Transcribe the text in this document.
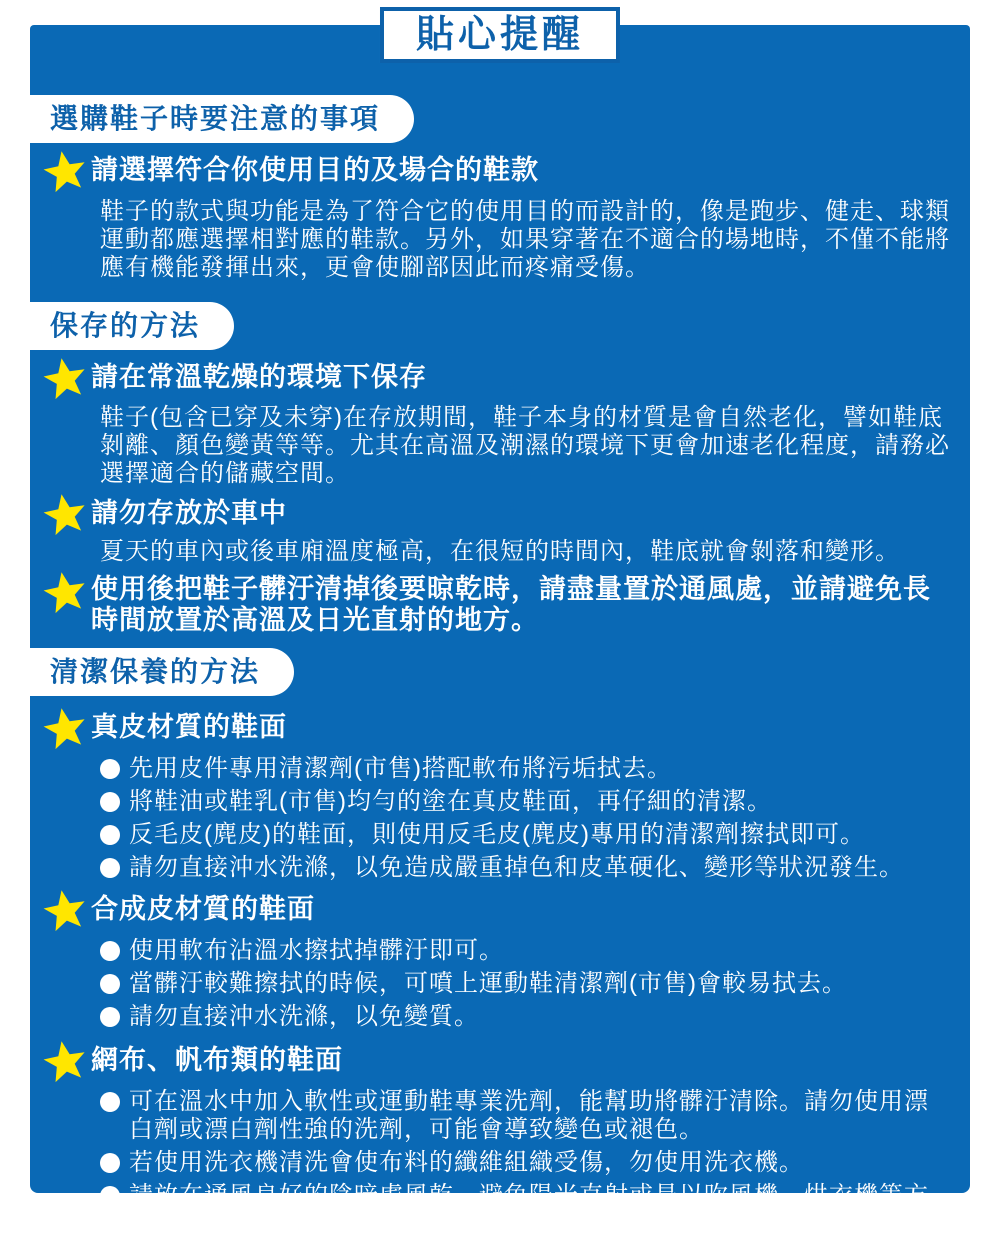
貼心提醒
選購鞋子時要注意的事項
請選擇符合你使用目的及場合的鞋款
鞋子的款式與功能是為了符合它的使用目的而設計的，像是跑步、健走、球類運動都應選擇相對應的鞋款。另外，如果穿著在不適合的場地時，不僅不能將應有機能發揮出來，更會使腳部因此而疼痛受傷。
保存的方法
請在常溫乾燥的環境下保存
鞋子(包含已穿及未穿)在存放期間，鞋子本身的材質是會自然老化，譬如鞋底剝離、顏色變黃等等。尤其在高溫及潮濕的環境下更會加速老化程度，請務必選擇適合的儲藏空間。
請勿存放於車中
夏天的車內或後車廂溫度極高，在很短的時間內，鞋底就會剝落和變形。
使用後把鞋子髒汙清掉後要晾乾時，請盡量置於通風處，並請避免長時間放置於高溫及日光直射的地方。
清潔保養的方法
真皮材質的鞋面
先用皮件專用清潔劑(市售)搭配軟布將污垢拭去。
將鞋油或鞋乳(市售)均勻的塗在真皮鞋面，再仔細的清潔。
反毛皮(麂皮)的鞋面，則使用反毛皮(麂皮)專用的清潔劑擦拭即可。
請勿直接沖水洗滌，以免造成嚴重掉色和皮革硬化、變形等狀況發生。
合成皮材質的鞋面
使用軟布沾溫水擦拭掉髒汙即可。
當髒汙較難擦拭的時候，可噴上運動鞋清潔劑(市售)會較易拭去。
請勿直接沖水洗滌，以免變質。
網布、帆布類的鞋面
可在溫水中加入軟性或運動鞋專業洗劑，能幫助將髒汙清除。請勿使用漂白劑或漂白劑性強的洗劑，可能會導致變色或褪色。
若使用洗衣機清洗會使布料的纖維組織受傷，勿使用洗衣機。
請放在通風良好的陰暗處風乾。避免陽光直射或是以吹風機、烘衣機等方式烘乾造成變型、縮水、變色和鞋底剝離的情況發生。
